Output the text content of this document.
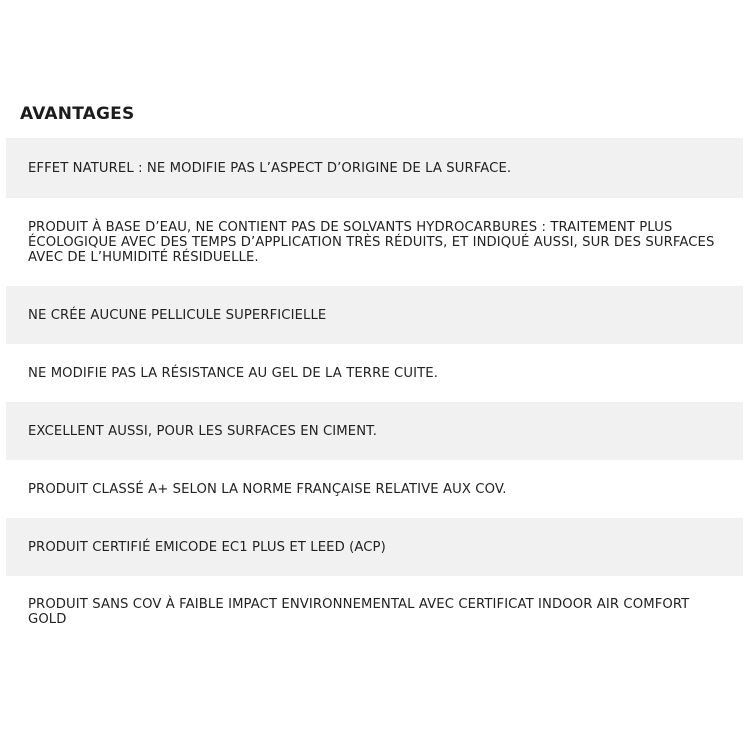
AVANTAGES
EFFET NATUREL : NE MODIFIE PAS L’ASPECT D’ORIGINE DE LA SURFACE.
PRODUIT À BASE D’EAU, NE CONTIENT PAS DE SOLVANTS HYDROCARBURES : TRAITEMENT PLUS ÉCOLOGIQUE AVEC DES TEMPS D’APPLICATION TRÈS RÉDUITS, ET INDIQUÉ AUSSI, SUR DES SURFACES AVEC DE L’HUMIDITÉ RÉSIDUELLE.
NE CRÉE AUCUNE PELLICULE SUPERFICIELLE
NE MODIFIE PAS LA RÉSISTANCE AU GEL DE LA TERRE CUITE.
EXCELLENT AUSSI, POUR LES SURFACES EN CIMENT.
PRODUIT CLASSÉ A+ SELON LA NORME FRANÇAISE RELATIVE AUX COV.
PRODUIT CERTIFIÉ EMICODE EC1 PLUS ET LEED (ACP)
PRODUIT SANS COV À FAIBLE IMPACT ENVIRONNEMENTAL AVEC CERTIFICAT INDOOR AIR COMFORT GOLD
